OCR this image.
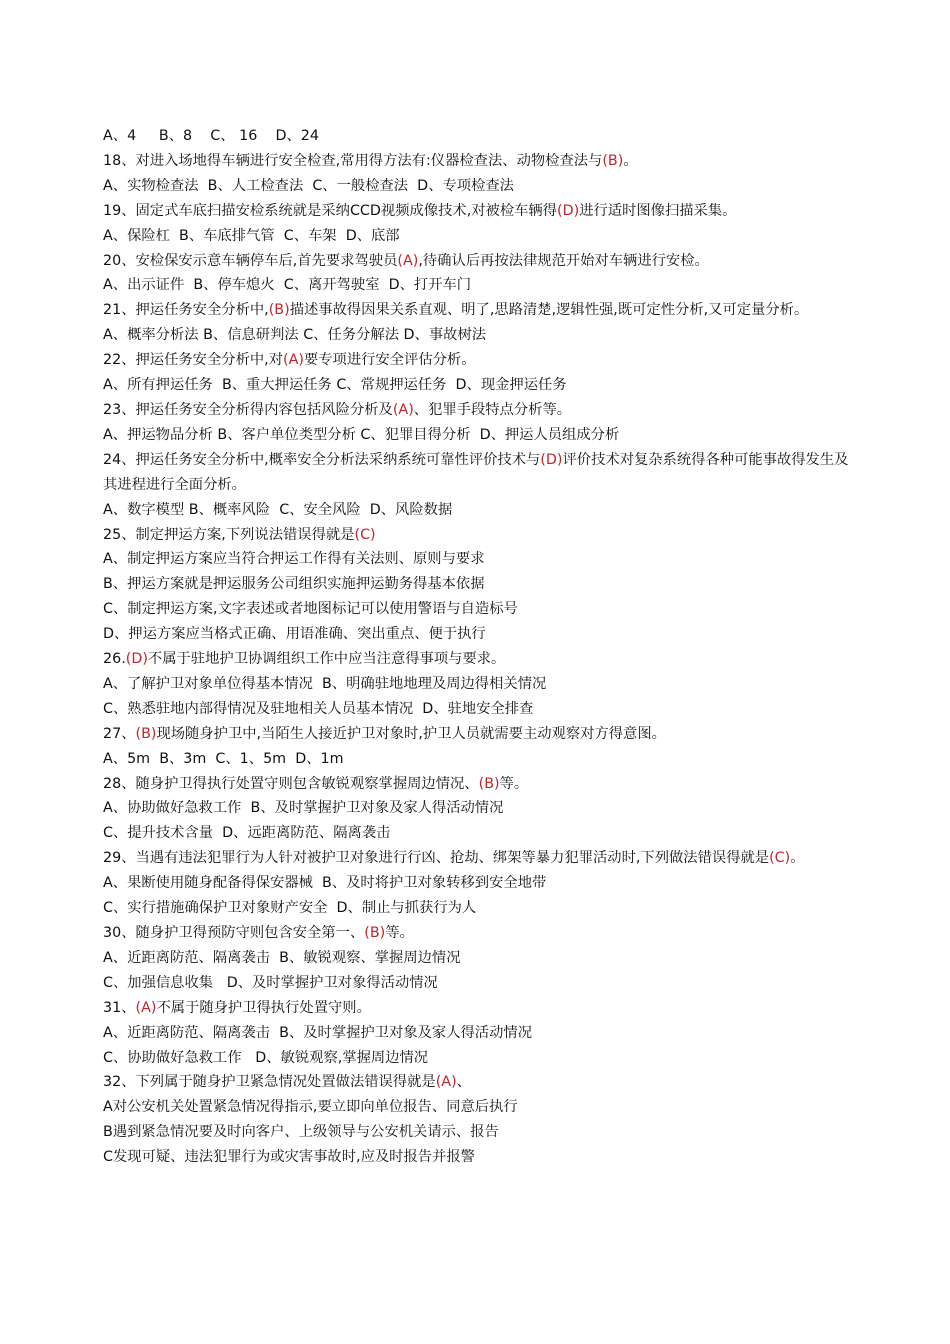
A、4     B、8    C、 16    D、24

18、对进入场地得车辆进行安全检查,常用得方法有:仪器检查法、动物检查法与(B)。

A、实物检查法  B、人工检查法  C、一般检查法  D、专项检查法

19、固定式车底扫描安检系统就是采纳CCD视频成像技术,对被检车辆得(D)进行适时图像扫描采集。

A、保险杠  B、车底排气管  C、车架  D、底部

20、安检保安示意车辆停车后,首先要求驾驶员(A),待确认后再按法律规范开始对车辆进行安检。

A、出示证件  B、停车熄火  C、离开驾驶室  D、打开车门

21、押运任务安全分析中,(B)描述事故得因果关系直观、明了,思路清楚,逻辑性强,既可定性分析,又可定量分析。

A、概率分析法 B、信息研判法 C、任务分解法 D、事故树法

22、押运任务安全分析中,对(A)要专项进行安全评估分析。

A、所有押运任务  B、重大押运任务 C、常规押运任务  D、现金押运任务

23、押运任务安全分析得内容包括风险分析及(A)、犯罪手段特点分析等。

A、押运物品分析 B、客户单位类型分析 C、犯罪目得分析  D、押运人员组成分析

24、押运任务安全分析中,概率安全分析法采纳系统可靠性评价技术与(D)评价技术对复杂系统得各种可能事故得发生及其进程进行全面分析。

A、数字模型 B、概率风险  C、安全风险  D、风险数据

25、制定押运方案,下列说法错误得就是(C)

A、制定押运方案应当符合押运工作得有关法则、原则与要求

B、押运方案就是押运服务公司组织实施押运勤务得基本依据

C、制定押运方案,文字表述或者地图标记可以使用警语与自造标号

D、押运方案应当格式正确、用语准确、突出重点、便于执行

26.(D)不属于驻地护卫协调组织工作中应当注意得事项与要求。

A、了解护卫对象单位得基本情况  B、明确驻地地理及周边得相关情况

C、熟悉驻地内部得情况及驻地相关人员基本情况  D、驻地安全排查

27、(B)现场随身护卫中,当陌生人接近护卫对象时,护卫人员就需要主动观察对方得意图。

A、5m  B、3m  C、1、5m  D、1m

28、随身护卫得执行处置守则包含敏锐观察掌握周边情况、(B)等。

A、协助做好急救工作  B、及时掌握护卫对象及家人得活动情况

C、提升技术含量  D、远距离防范、隔离袭击

29、当遇有违法犯罪行为人针对被护卫对象进行行凶、抢劫、绑架等暴力犯罪活动时,下列做法错误得就是(C)。

A、果断使用随身配备得保安器械  B、及时将护卫对象转移到安全地带

C、实行措施确保护卫对象财产安全  D、制止与抓获行为人

30、随身护卫得预防守则包含安全第一、(B)等。

A、近距离防范、隔离袭击  B、敏锐观察、掌握周边情况

C、加强信息收集   D、及时掌握护卫对象得活动情况

31、(A)不属于随身护卫得执行处置守则。

A、近距离防范、隔离袭击  B、及时掌握护卫对象及家人得活动情况

C、协助做好急救工作   D、敏锐观察,掌握周边情况

32、下列属于随身护卫紧急情况处置做法错误得就是(A)、

A对公安机关处置紧急情况得指示,要立即向单位报告、同意后执行

B遇到紧急情况要及时向客户、上级领导与公安机关请示、报告

C发现可疑、违法犯罪行为或灾害事故时,应及时报告并报警
